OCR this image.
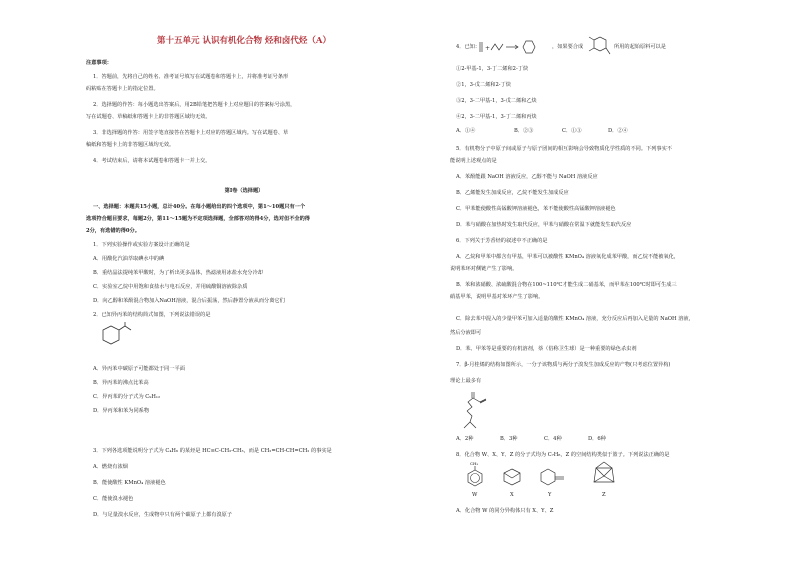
第十五单元 认识有机化合物 烃和卤代烃（A）
注意事项：
1．答题前，先将自己的姓名、准考证号填写在试题卷和答题卡上，并将准考证号条形
码粘贴在答题卡上的指定位置。
2．选择题的作答：每小题选出答案后，用2B铅笔把答题卡上对应题目的答案标号涂黑，
写在试题卷、草稿纸和答题卡上的非答题区域均无效。
3．非选择题的作答：用签字笔直接答在答题卡上对应的答题区域内。写在试题卷、草
稿纸和答题卡上的非答题区域均无效。
4．考试结束后，请将本试题卷和答题卡一并上交。
第Ⅰ卷（选择题）
一、选择题：本题共15小题，总计40分。在每小题给出的四个选项中，第1～10题只有一个
选项符合题目要求，每题2分，第11～15题为不定项选择题，全部答对的得4分，选对但不全的得
2分，有选错的得0分。
1．下列实验操作或实验方案设计正确的是
A．用酸化汽油萃取碘水中的碘
B．重结晶法提纯苯甲酸时，为了析出更多晶体，热滤液用冰盐水充分冷却
C．实验室乙烷中用饱和食盐水与电石反应，并用硫酸铜溶液除杂质
D．向乙醇和苯酚混合物加入NaOH溶液，混合后振荡，然后静置分液从而分离它们
2．已知异丙苯的结构简式如图，下列说法错误的是
A．异丙苯中碳原子可能都处于同一平面
B．异丙苯的沸点比苯高
C．异丙苯的分子式为 C₉H₁₂
D．异丙苯和苯为同系物
3．下列各选项能说明分子式为 C₄H₆ 的某烃是 HC≡C-CH₂-CH₃，而是 CH₂=CH-CH=CH₂ 的事实是
A．燃烧有浓烟
B．能使酸性 KMnO₄ 溶液褪色
C．能使溴水褪色
D．与足量溴水反应，生成物中只有两个碳原子上都有溴原子
4．已知： +	，如果要合成	所用的起始原料可以是
①2-甲基-1，3-丁二烯和2-丁炔
②1，3-戊二烯和2-丁炔
③2，3-二甲基-1，3-戊二烯和乙炔
④2，3-二甲基-1，3-丁二烯和丙炔
A．①④	B．②③	C．①③	D．②④
5．有机物分子中原子间或原子与原子团间的相互影响会导致物质化学性质的不同。下列事实不
能说明上述观点的是
A．苯酚能跟 NaOH 溶液反应，乙醇不能与 NaOH 溶液反应
B．乙烯能发生加成反应，乙烷不能发生加成反应
C．甲苯能使酸性高锰酸钾溶液褪色，苯不能使酸性高锰酸钾溶液褪色
D．苯与硝酸在加热时发生取代反应，甲苯与硝酸在常温下就能发生取代反应
6．下列关于芳香烃的叙述中不正确的是
A．乙烷和甲苯中都含有甲基，甲苯可以被酸性 KMnO₄ 溶液氧化成苯甲酸，而乙烷不能被氧化，
说明苯环对侧链产生了影响。
B．苯和浓硝酸、浓硫酸混合物在100~110℃才能生成二硝基苯，而甲苯在100℃时即可生成三
硝基甲苯，说明甲基对苯环产生了影响。
C．除去苯中混入的少量甲苯可加入适量的酸性 KMnO₄ 溶液，充分反应后再加入足量的 NaOH 溶液，
然后分液即可
D．苯、甲苯等是重要的有机溶剂，萘（俗称卫生球）是一种重要的绿色杀虫剂
7．β-月桂烯的结构如图所示，一分子该物质与两分子溴发生加成反应的产物(只考虑位置异构)
理论上最多有
A．2种	B．3种	C．4种	D．6种
8．化合物 W、X、Y、Z 的分子式均为 C₇H₈，Z 的空间结构类似于篮子。下列说法正确的是
CH₃
W	X	Y	Z
A．化合物 W 的同分异构体只有 X、Y、Z
